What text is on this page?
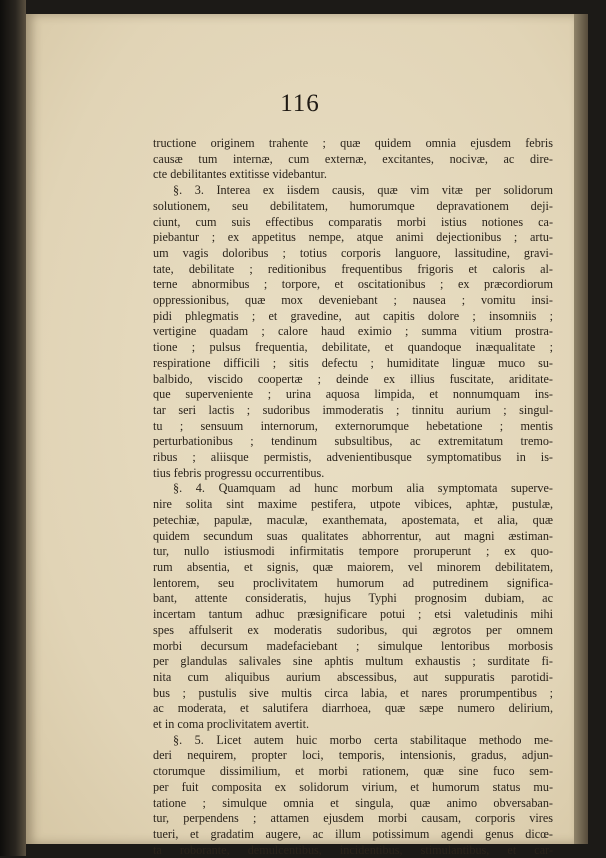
116
tructione originem trahente ; quæ quidem omnia ejusdem febris
causæ tum internæ, cum externæ, excitantes, nocivæ, ac dire-
cte debilitantes extitisse videbantur.
§. 3. Interea ex iisdem causis, quæ vim vitæ per solidorum
solutionem, seu debilitatem, humorumque depravationem deji-
ciunt, cum suis effectibus comparatis morbi istius notiones ca-
piebantur ; ex appetitus nempe, atque animi dejectionibus ; artu-
um vagis doloribus ; totius corporis languore, lassitudine, gravi-
tate, debilitate ; reditionibus frequentibus frigoris et caloris al-
terne abnormibus ; torpore, et oscitationibus ; ex præcordiorum
oppressionibus, quæ mox deveniebant ; nausea ; vomitu insi-
pidi phlegmatis ; et gravedine, aut capitis dolore ; insomniis ;
vertigine quadam ; calore haud eximio ; summa vitium prostra-
tione ; pulsus frequentia, debilitate, et quandoque inæqualitate ;
respiratione difficili ; sitis defectu ; humiditate linguæ muco su-
balbido, viscido coopertæ ; deinde ex illius fuscitate, ariditate-
que superveniente ; urina aquosa limpida, et nonnumquam ins-
tar seri lactis ; sudoribus immoderatis ; tinnitu aurium ; singul-
tu ; sensuum internorum, externorumque hebetatione ; mentis
perturbationibus ; tendinum subsultibus, ac extremitatum tremo-
ribus ; aliisque permistis, advenientibusque symptomatibus in is-
tius febris progressu occurrentibus.
§. 4. Quamquam ad hunc morbum alia symptomata superve-
nire solita sint maxime pestifera, utpote vibices, aphtæ, pustulæ,
petechiæ, papulæ, maculæ, exanthemata, apostemata, et alia, quæ
quidem secundum suas qualitates abhorrentur, aut magni æstiman-
tur, nullo istiusmodi infirmitatis tempore proruperunt ; ex quo-
rum absentia, et signis, quæ maiorem, vel minorem debilitatem,
lentorem, seu proclivitatem humorum ad putredinem significa-
bant, attente consideratis, hujus Typhi prognosim dubiam, ac
incertam tantum adhuc præsignificare potui ; etsi valetudinis mihi
spes affulserit ex moderatis sudoribus, qui ægrotos per omnem
morbi decursum madefaciebant ; simulque lentoribus morbosis
per glandulas salivales sine aphtis multum exhaustis ; surditate fi-
nita cum aliquibus aurium abscessibus, aut suppuratis parotidi-
bus ; pustulis sive multis circa labia, et nares prorumpentibus ;
ac moderata, et salutifera diarrhoea, quæ sæpe numero delirium,
et in coma proclivitatem avertit.
§. 5. Licet autem huic morbo certa stabilitaque methodo me-
deri nequirem, propter loci, temporis, intensionis, gradus, adjun-
ctorumque dissimilium, et morbi rationem, quæ sine fuco sem-
per fuit composita ex solidorum virium, et humorum status mu-
tatione ; simulque omnia et singula, quæ animo obversaban-
tur, perpendens ; attamen ejusdem morbi causam, corporis vires
tueri, et gradatim augere, ac illum potissimum agendi genus dicœ-
ta roborante, demulcentibus, incidentibus, stimulantibus, et car-
